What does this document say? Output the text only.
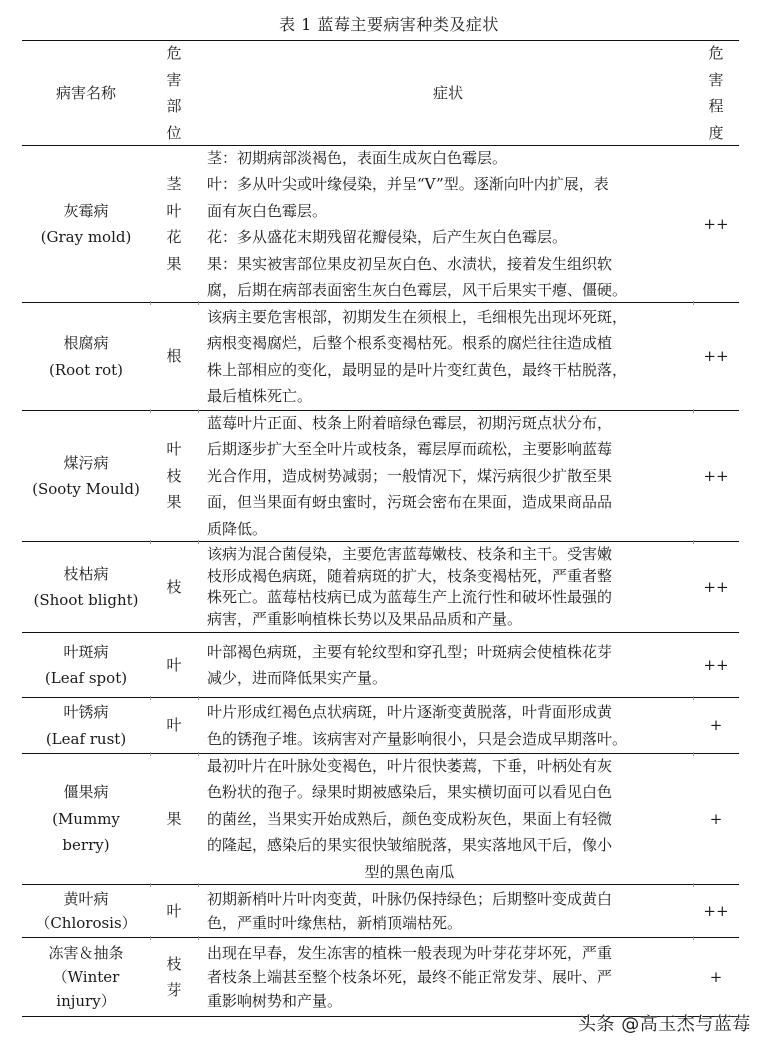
表 1 蓝莓主要病害种类及症状
病害名称
危
害
部
位
症状
危
害
程
度
灰霉病
(Gray mold)
茎
叶
花
果
茎：初期病部淡褐色，表面生成灰白色霉层。
叶：多从叶尖或叶缘侵染，并呈“V”型。逐渐向叶内扩展，表
面有灰白色霉层。
花：多从盛花末期残留花瓣侵染，后产生灰白色霉层。
果：果实被害部位果皮初呈灰白色、水渍状，接着发生组织软
腐，后期在病部表面密生灰白色霉层，风干后果实干瘪、僵硬。
++
根腐病
(Root rot)
根
该病主要危害根部，初期发生在须根上，毛细根先出现坏死斑，
病根变褐腐烂，后整个根系变褐枯死。根系的腐烂往往造成植
株上部相应的变化，最明显的是叶片变红黄色，最终干枯脱落，
最后植株死亡。
++
煤污病
(Sooty Mould)
叶
枝
果
蓝莓叶片正面、枝条上附着暗绿色霉层，初期污斑点状分布，
后期逐步扩大至全叶片或枝条，霉层厚而疏松，主要影响蓝莓
光合作用，造成树势减弱；一般情况下，煤污病很少扩散至果
面，但当果面有蚜虫蜜时，污斑会密布在果面，造成果商品品
质降低。
++
枝枯病
(Shoot blight)
枝
该病为混合菌侵染，主要危害蓝莓嫩枝、枝条和主干。受害嫩
枝形成褐色病斑，随着病斑的扩大，枝条变褐枯死，严重者整
株死亡。蓝莓枯枝病已成为蓝莓生产上流行性和破坏性最强的
病害，严重影响植株长势以及果品品质和产量。
++
叶斑病
(Leaf spot)
叶
叶部褐色病斑，主要有轮纹型和穿孔型；叶斑病会使植株花芽
减少，进而降低果实产量。
++
叶锈病
(Leaf rust)
叶
叶片形成红褐色点状病斑，叶片逐渐变黄脱落，叶背面形成黄
色的锈孢子堆。该病害对产量影响很小，只是会造成早期落叶。
+
僵果病
(Mummy
berry)
果
最初叶片在叶脉处变褐色，叶片很快萎蔫，下垂，叶柄处有灰
色粉状的孢子。绿果时期被感染后，果实横切面可以看见白色
的菌丝，当果实开始成熟后，颜色变成粉灰色，果面上有轻微
的隆起，感染后的果实很快皱缩脱落，果实落地风干后，像小
型的黑色南瓜
+
黄叶病
（Chlorosis）
叶
初期新梢叶片叶肉变黄，叶脉仍保持绿色；后期整叶变成黄白
色，严重时叶缘焦枯，新梢顶端枯死。
++
冻害＆抽条
（Winter
injury）
枝
芽
出现在早春，发生冻害的植株一般表现为叶芽花芽坏死，严重
者枝条上端甚至整个枝条坏死，最终不能正常发芽、展叶、严
重影响树势和产量。
+
头条 @高玉杰与蓝莓
